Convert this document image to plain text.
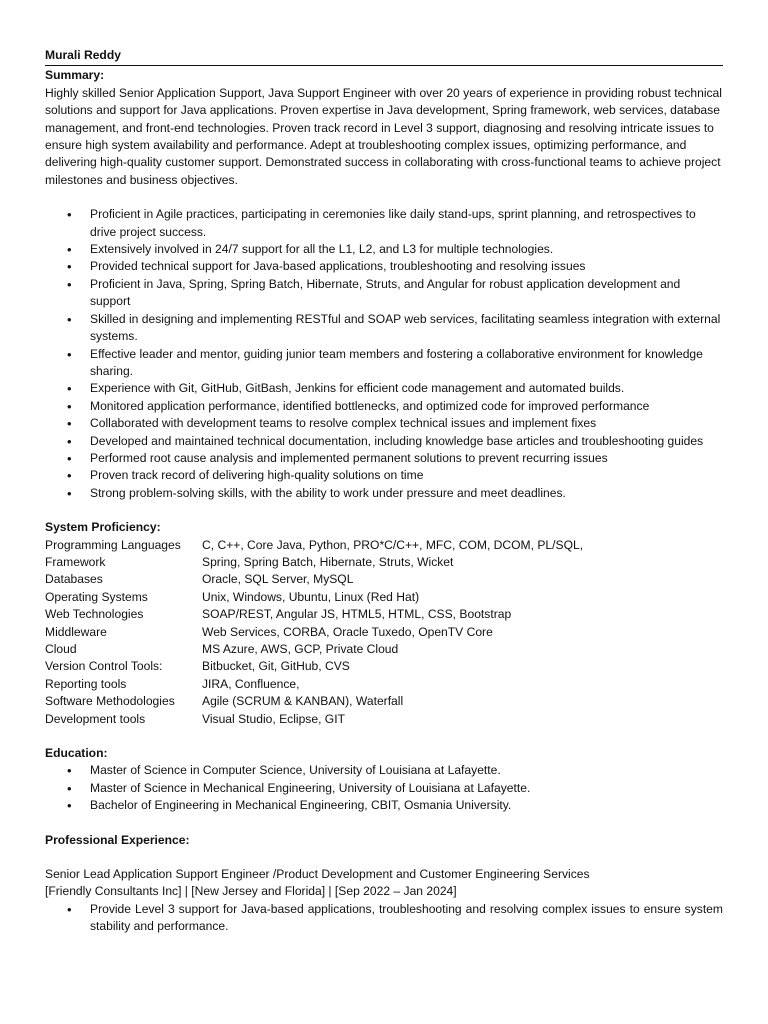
Murali Reddy
Summary:

Highly skilled Senior Application Support, Java Support Engineer with over 20 years of experience in providing robust technical solutions and support for Java applications. Proven expertise in Java development, Spring framework, web services, database management, and front-end technologies. Proven track record in Level 3 support, diagnosing and resolving intricate issues to ensure high system availability and performance. Adept at troubleshooting complex issues, optimizing performance, and delivering high-quality customer support. Demonstrated success in collaborating with cross-functional teams to achieve project milestones and business objectives.

• Proficient in Agile practices, participating in ceremonies like daily stand-ups, sprint planning, and retrospectives to drive project success.
• Extensively involved in 24/7 support for all the L1, L2, and L3 for multiple technologies.
• Provided technical support for Java-based applications, troubleshooting and resolving issues
• Proficient in Java, Spring, Spring Batch, Hibernate, Struts, and Angular for robust application development and support
• Skilled in designing and implementing RESTful and SOAP web services, facilitating seamless integration with external systems.
• Effective leader and mentor, guiding junior team members and fostering a collaborative environment for knowledge sharing.
• Experience with Git, GitHub, GitBash, Jenkins for efficient code management and automated builds.
• Monitored application performance, identified bottlenecks, and optimized code for improved performance
• Collaborated with development teams to resolve complex technical issues and implement fixes
• Developed and maintained technical documentation, including knowledge base articles and troubleshooting guides
• Performed root cause analysis and implemented permanent solutions to prevent recurring issues
• Proven track record of delivering high-quality solutions on time
• Strong problem-solving skills, with the ability to work under pressure and meet deadlines.
System Proficiency:
Programming Languages	C, C++, Core Java, Python, PRO*C/C++, MFC, COM, DCOM, PL/SQL,
Framework	Spring, Spring Batch, Hibernate, Struts, Wicket
Databases	Oracle, SQL Server, MySQL
Operating Systems	Unix, Windows, Ubuntu, Linux (Red Hat)
Web Technologies	SOAP/REST, Angular JS, HTML5, HTML, CSS, Bootstrap
Middleware	Web Services, CORBA, Oracle Tuxedo, OpenTV Core
Cloud	MS Azure, AWS, GCP, Private Cloud
Version Control Tools:	Bitbucket, Git, GitHub, CVS
Reporting tools	JIRA, Confluence,
Software Methodologies	Agile (SCRUM & KANBAN), Waterfall
Development tools	Visual Studio, Eclipse, GIT
Education:
• Master of Science in Computer Science, University of Louisiana at Lafayette.
• Master of Science in Mechanical Engineering, University of Louisiana at Lafayette.
• Bachelor of Engineering in Mechanical Engineering, CBIT, Osmania University.
Professional Experience:
Senior Lead Application Support Engineer /Product Development and Customer Engineering Services
[Friendly Consultants Inc] | [New Jersey and Florida] | [Sep 2022 – Jan 2024]
• Provide Level 3 support for Java-based applications, troubleshooting and resolving complex issues to ensure system stability and performance.
